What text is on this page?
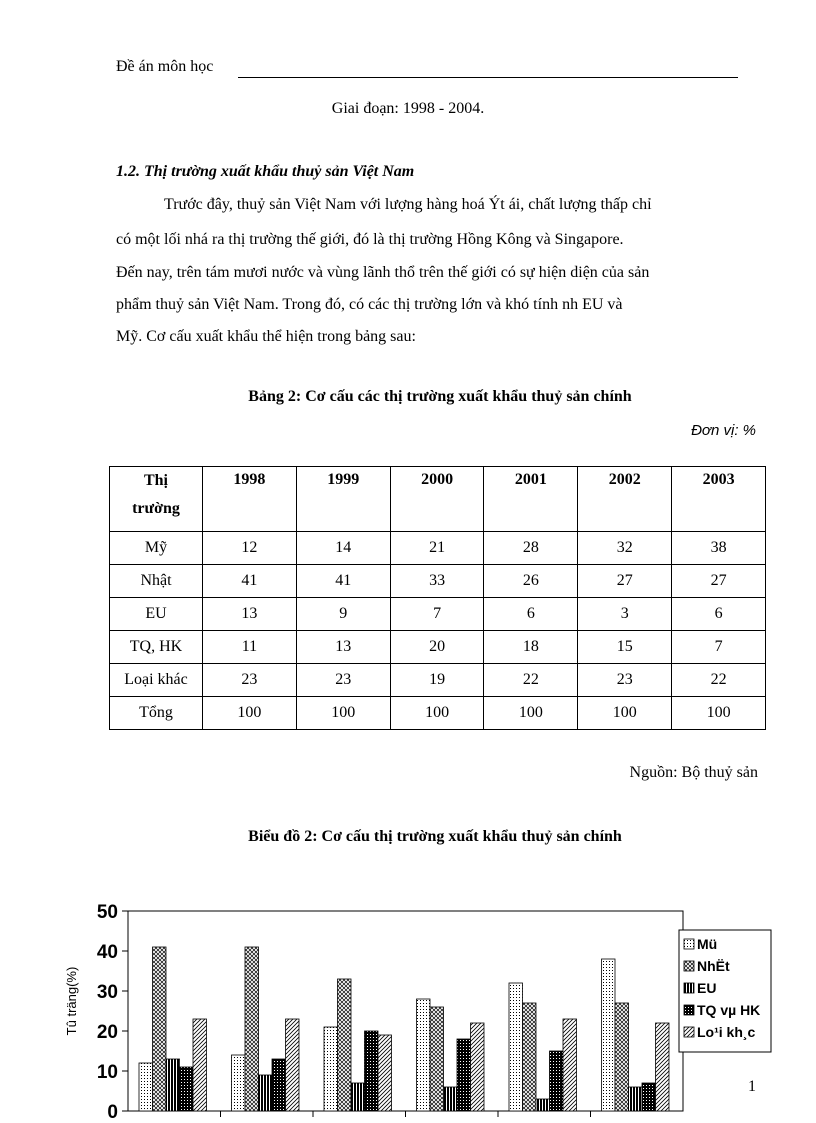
Đề án môn học
Giai đoạn: 1998 - 2004.
1.2. Thị trường xuất khẩu thuỷ sản Việt Nam
Trước đây, thuỷ sản Việt Nam với lượng hàng hoá Ýt ái, chất lượng thấp chỉ
có một lối nhá ra thị trường thế giới, đó là thị trường Hồng Kông và Singapore.
Đến nay, trên tám mươi nước và vùng lãnh thổ trên thế giới có sự hiện diện của sản
phẩm thuỷ sản Việt Nam. Trong đó, có các thị trường lớn và khó tính nh EU và
Mỹ. Cơ cấu xuất khẩu thể hiện trong bảng sau:
Bảng 2: Cơ cấu các thị trường xuất khẩu thuỷ sản chính
Đơn vị: %
Thị
trường	1998	1999	2000	2001	2002	2003
Mỹ	12	14	21	28	32	38
Nhật	41	41	33	26	27	27
EU	13	9	7	6	3	6
TQ, HK	11	13	20	18	15	7
Loại khác	23	23	19	22	23	22
Tổng	100	100	100	100	100	100
Nguồn: Bộ thuỷ sản
Biểu đồ 2: Cơ cấu thị trường xuất khẩu thuỷ sản chính
0
10
20
30
40
50
Tû träng(%)
Mü
NhËt
EU
TQ vµ HK
Lo¹i kh¸c
1
